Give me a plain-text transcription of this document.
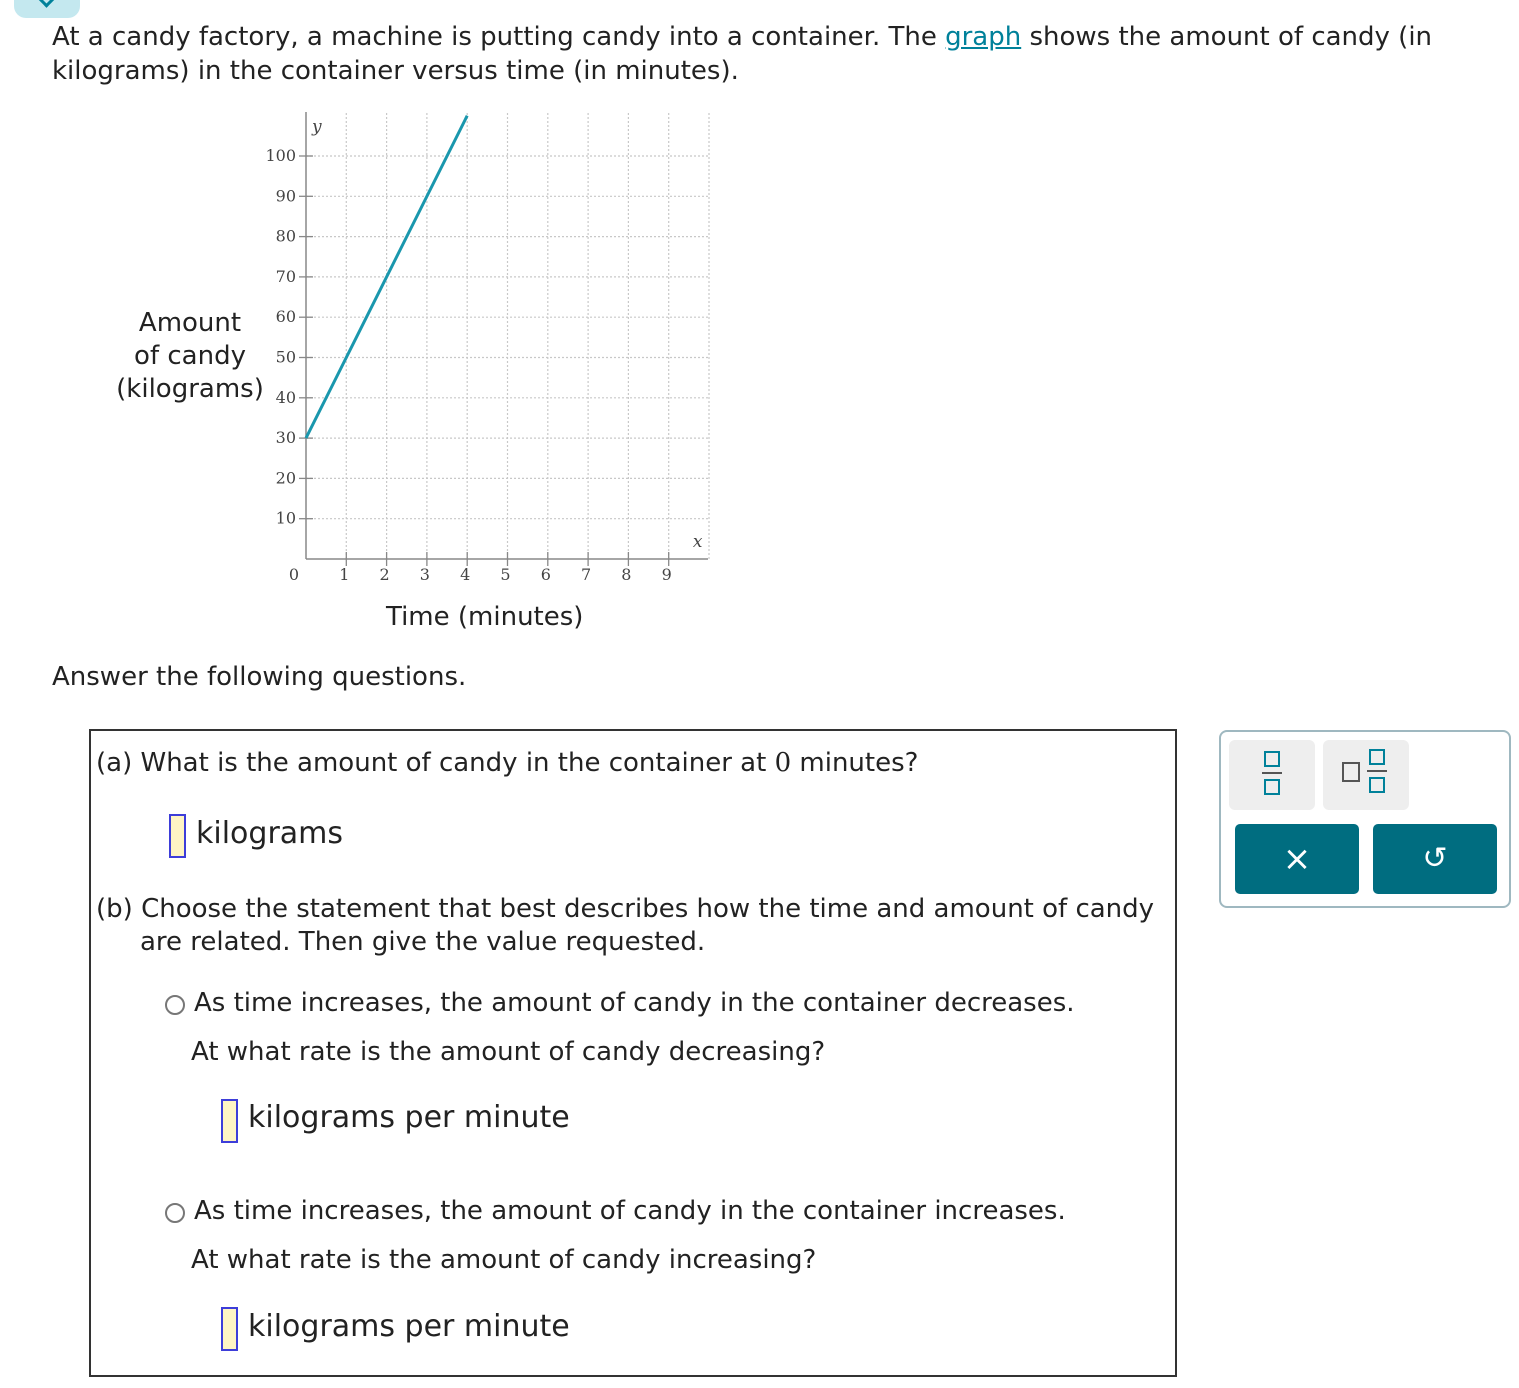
At a candy factory, a machine is putting candy into a container. The graph shows the amount of candy (in kilograms) in the container versus time (in minutes).
Amount
of candy
(kilograms)
1 2 3 4 5 6 7 8 9
10
20
30
40
50
60
70
80
90
100
0
y
x
Time (minutes)
Answer the following questions.
(a) What is the amount of candy in the container at 0 minutes?
kilograms
(b) Choose the statement that best describes how the time and amount of candy
are related. Then give the value requested.
As time increases, the amount of candy in the container decreases.
At what rate is the amount of candy decreasing?
kilograms per minute
As time increases, the amount of candy in the container increases.
At what rate is the amount of candy increasing?
kilograms per minute
×	↺
